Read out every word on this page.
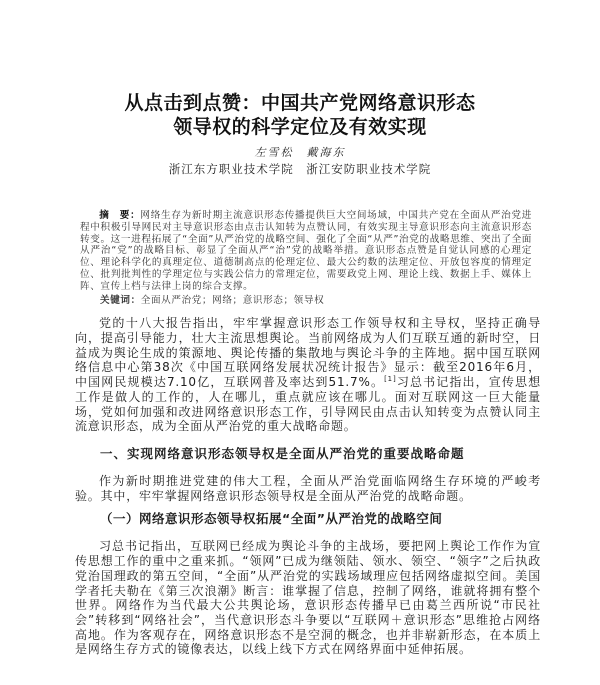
从点击到点赞：中国共产党网络意识形态
领导权的科学定位及有效实现
左雪松　戴海东
浙江东方职业技术学院　浙江安防职业技术学院
摘　要：网络生存为新时期主流意识形态传播提供巨大空间场域，中国共产党在全面从严治党进程中积极引导网民对主导意识形态由点击认知转为点赞认同，有效实现主导意识形态向主流意识形态转变。这一进程拓展了“全面”从严治党的战略空间、强化了全面“从严”治党的战略思维、突出了全面从严治“党”的战略目标、彰显了全面从严“治”党的战略举措。意识形态点赞是自觉认同感的心理定位、理论科学化的真理定位、道德制高点的伦理定位、最大公约数的法理定位、开放包容度的情理定位、批判批判性的学理定位与实践公信力的常理定位，需要政党上网、理论上线、数据上手、媒体上阵、宣传上档与法律上岗的综合支撑。
关键词：全面从严治党；网络；意识形态；领导权
党的十八大报告指出，牢牢掌握意识形态工作领导权和主导权，坚持正确导向，提高引导能力，壮大主流思想舆论。当前网络成为人们互联互通的新时空，日益成为舆论生成的策源地、舆论传播的集散地与舆论斗争的主阵地。据中国互联网络信息中心第38次《中国互联网络发展状况统计报告》显示：截至2016年6月，中国网民规模达7.10亿，互联网普及率达到51.7%。[1]习总书记指出，宣传思想工作是做人的工作的，人在哪儿，重点就应该在哪儿。面对互联网这一巨大能量场，党如何加强和改进网络意识形态工作，引导网民由点击认知转变为点赞认同主流意识形态，成为全面从严治党的重大战略命题。
一、实现网络意识形态领导权是全面从严治党的重要战略命题
作为新时期推进党建的伟大工程，全面从严治党面临网络生存环境的严峻考验。其中，牢牢掌握网络意识形态领导权是全面从严治党的战略命题。
（一）网络意识形态领导权拓展“全面”从严治党的战略空间
习总书记指出，互联网已经成为舆论斗争的主战场，要把网上舆论工作作为宣传思想工作的重中之重来抓。“领网”已成为继领陆、领水、领空、“领字”之后执政党治国理政的第五空间，“全面”从严治党的实践场域理应包括网络虚拟空间。美国学者托夫勒在《第三次浪潮》断言：谁掌握了信息，控制了网络，谁就将拥有整个世界。网络作为当代最大公共舆论场，意识形态传播早已由葛兰西所说“市民社会”转移到“网络社会”，当代意识形态斗争要以“互联网＋意识形态”思维抢占网络高地。作为客观存在，网络意识形态不是空洞的概念，也并非崭新形态，在本质上是网络生存方式的镜像表达，以线上线下方式在网络界面中延伸拓展。
